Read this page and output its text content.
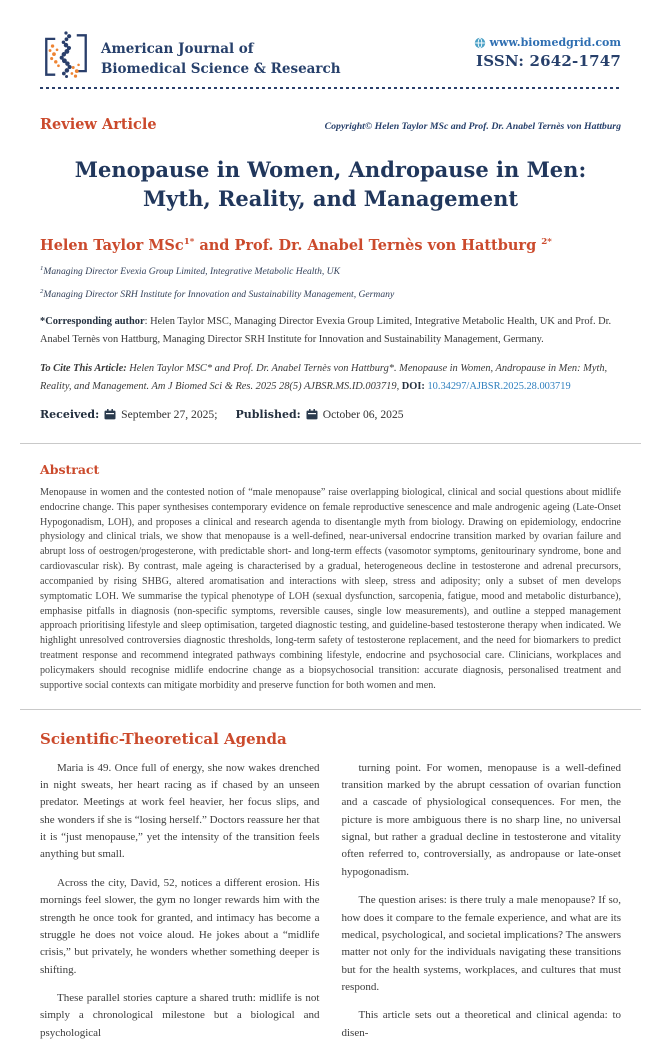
American Journal of
Biomedical Science & Research
www.biomedgrid.com
ISSN: 2642-1747
Review Article	Copyright© Helen Taylor MSc and Prof. Dr. Anabel Ternès von Hattburg
Menopause in Women, Andropause in Men: Myth, Reality, and Management
Helen Taylor MSc$^{1*}$ and Prof. Dr. Anabel Ternès von Hattburg $^{2*}$
$^1$Managing Director Evexia Group Limited, Integrative Metabolic Health, UK
$^2$Managing Director SRH Institute for Innovation and Sustainability Management, Germany

*Corresponding author: Helen Taylor MSC, Managing Director Evexia Group Limited, Integrative Metabolic Health, UK and Prof. Dr. Anabel Ternès von Hattburg, Managing Director SRH Institute for Innovation and Sustainability Management, Germany.

To Cite This Article: Helen Taylor MSC* and Prof. Dr. Anabel Ternès von Hattburg*. Menopause in Women, Andropause in Men: Myth, Reality, and Management. Am J Biomed Sci & Res. 2025 28(5) AJBSR.MS.ID.003719, DOI: 10.34297/AJBSR.2025.28.003719

Received: September 27, 2025; Published: October 06, 2025
Abstract

Menopause in women and the contested notion of “male menopause” raise overlapping biological, clinical and social questions about midlife endocrine change. This paper synthesises contemporary evidence on female reproductive senescence and male androgenic ageing (Late-Onset Hypogonadism, LOH), and proposes a clinical and research agenda to disentangle myth from biology. Drawing on epidemiology, endocrine physiology and clinical trials, we show that menopause is a well-defined, near-universal endocrine transition marked by ovarian failure and abrupt loss of oestrogen/progesterone, with predictable short- and long-term effects (vasomotor symptoms, genitourinary syndrome, bone and cardiovascular risk). By contrast, male ageing is characterised by a gradual, heterogeneous decline in testosterone and adrenal precursors, accompanied by rising SHBG, altered aromatisation and interactions with sleep, stress and adiposity; only a subset of men develops symptomatic LOH. We summarise the typical phenotype of LOH (sexual dysfunction, sarcopenia, fatigue, mood and metabolic disturbance), emphasise pitfalls in diagnosis (non-specific symptoms, reversible causes, single low measurements), and outline a stepped management approach prioritising lifestyle and sleep optimisation, targeted diagnostic testing, and guideline-based testosterone therapy when indicated. We highlight unresolved controversies diagnostic thresholds, long-term safety of testosterone replacement, and the need for biomarkers to predict treatment response and recommend integrated pathways combining lifestyle, endocrine and psychosocial care. Clinicians, workplaces and policymakers should recognise midlife endocrine change as a biopsychosocial transition: accurate diagnosis, personalised treatment and supportive social contexts can mitigate morbidity and preserve function for both women and men.

Scientific-Theoretical Agenda

Maria is 49. Once full of energy, she now wakes drenched in night sweats, her heart racing as if chased by an unseen predator. Meetings at work feel heavier, her focus slips, and she wonders if she is “losing herself.” Doctors reassure her that it is “just menopause,” yet the intensity of the transition feels anything but small.

Across the city, David, 52, notices a different erosion. His mornings feel slower, the gym no longer rewards him with the strength he once took for granted, and intimacy has become a struggle he does not voice aloud. He jokes about a “midlife crisis,” but privately, he wonders whether something deeper is shifting.

These parallel stories capture a shared truth: midlife is not simply a chronological milestone but a biological and psychological

turning point. For women, menopause is a well-defined transition marked by the abrupt cessation of ovarian function and a cascade of physiological consequences. For men, the picture is more ambiguous there is no sharp line, no universal signal, but rather a gradual decline in testosterone and vitality often referred to, controversially, as andropause or late-onset hypogonadism.

The question arises: is there truly a male menopause? If so, how does it compare to the female experience, and what are its medical, psychological, and societal implications? The answers matter not only for the individuals navigating these transitions but for the health systems, workplaces, and cultures that must respond.

This article sets out a theoretical and clinical agenda: to disen-
